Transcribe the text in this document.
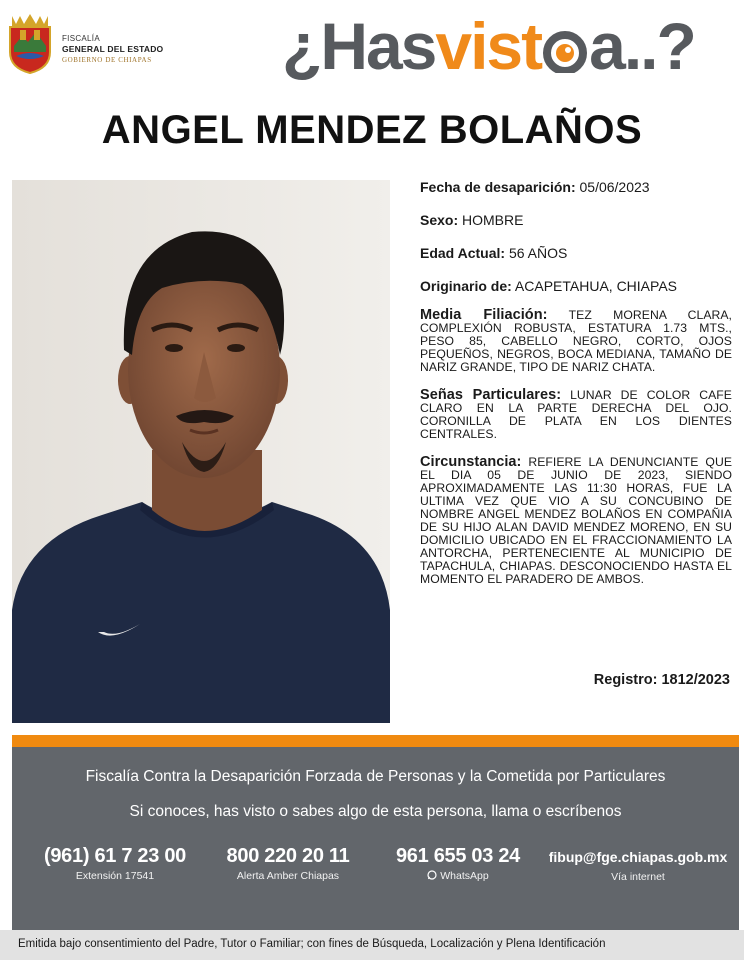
FISCALÍA
GENERAL DEL ESTADO
GOBIERNO DE CHIAPAS ¿Hasvist a..?
ANGEL MENDEZ BOLAÑOS
Fecha de desaparición: 05/06/2023
Sexo: HOMBRE
Edad Actual: 56 AÑOS
Originario de: ACAPETAHUA, CHIAPAS
Media Filiación: TEZ MORENA CLARA, COMPLEXIÓN ROBUSTA, ESTATURA 1.73 MTS., PESO 85, CABELLO NEGRO, CORTO, OJOS PEQUEÑOS, NEGROS, BOCA MEDIANA, TAMAÑO DE NARIZ GRANDE, TIPO DE NARIZ CHATA.
Señas Particulares: LUNAR DE COLOR CAFE CLARO EN LA PARTE DERECHA DEL OJO. CORONILLA DE PLATA EN LOS DIENTES CENTRALES.
Circunstancia: REFIERE LA DENUNCIANTE QUE EL DIA 05 DE JUNIO DE 2023, SIENDO APROXIMADAMENTE LAS 11:30 HORAS, FUE LA ULTIMA VEZ QUE VIO A SU CONCUBINO DE NOMBRE ANGEL MENDEZ BOLAÑOS EN COMPAÑIA DE SU HIJO ALAN DAVID MENDEZ MORENO, EN SU DOMICILIO UBICADO EN EL FRACCIONAMIENTO LA ANTORCHA, PERTENECIENTE AL MUNICIPIO DE TAPACHULA, CHIAPAS. DESCONOCIENDO HASTA EL MOMENTO EL PARADERO DE AMBOS.
Registro: 1812/2023
Fiscalía Contra la Desaparición Forzada de Personas y la Cometida por Particulares
Si conoces, has visto o sabes algo de esta persona, llama o escríbenos
(961) 61 7 23 00
Extensión 17541
800 220 20 11
Alerta Amber Chiapas
961 655 03 24
WhatsApp
fibup@fge.chiapas.gob.mx
Vía internet
Emitida bajo consentimiento del Padre, Tutor o Familiar; con fines de Búsqueda, Localización y Plena Identificación
